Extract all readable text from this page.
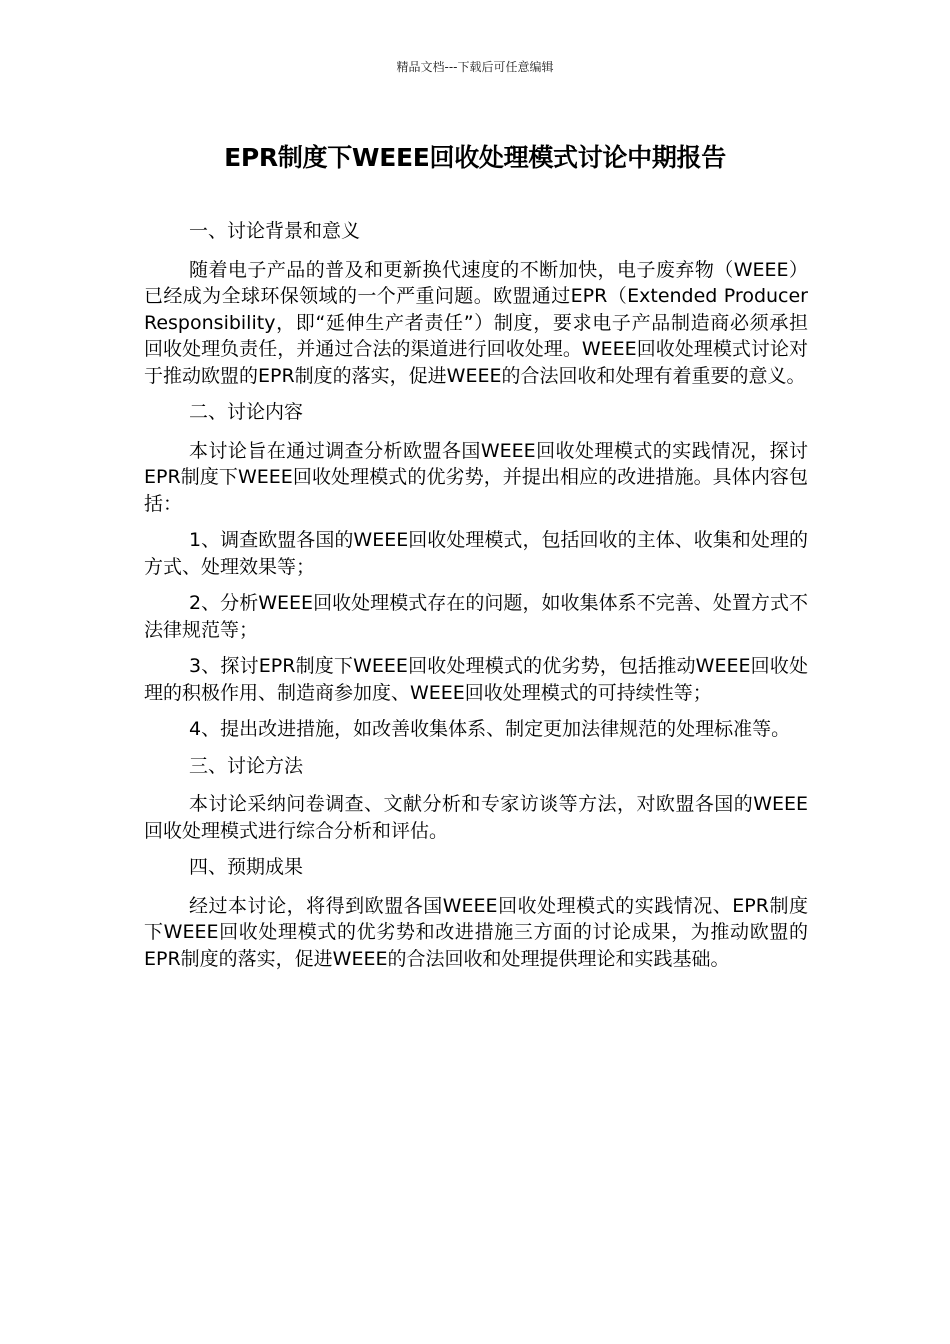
精品文档---下载后可任意编辑
EPR制度下WEEE回收处理模式讨论中期报告

一、讨论背景和意义

随着电子产品的普及和更新换代速度的不断加快，电子废弃物（WEEE）已经成为全球环保领域的一个严重问题。欧盟通过EPR（Extended Producer Responsibility，即“延伸生产者责任”）制度，要求电子产品制造商必须承担回收处理负责任，并通过合法的渠道进行回收处理。WEEE回收处理模式讨论对于推动欧盟的EPR制度的落实，促进WEEE的合法回收和处理有着重要的意义。

二、讨论内容

本讨论旨在通过调查分析欧盟各国WEEE回收处理模式的实践情况，探讨EPR制度下WEEE回收处理模式的优劣势，并提出相应的改进措施。具体内容包括：

1、调查欧盟各国的WEEE回收处理模式，包括回收的主体、收集和处理的方式、处理效果等；

2、分析WEEE回收处理模式存在的问题，如收集体系不完善、处置方式不法律规范等；

3、探讨EPR制度下WEEE回收处理模式的优劣势，包括推动WEEE回收处理的积极作用、制造商参加度、WEEE回收处理模式的可持续性等；

4、提出改进措施，如改善收集体系、制定更加法律规范的处理标准等。

三、讨论方法

本讨论采纳问卷调查、文献分析和专家访谈等方法，对欧盟各国的WEEE回收处理模式进行综合分析和评估。

四、预期成果

经过本讨论，将得到欧盟各国WEEE回收处理模式的实践情况、EPR制度下WEEE回收处理模式的优劣势和改进措施三方面的讨论成果，为推动欧盟的EPR制度的落实，促进WEEE的合法回收和处理提供理论和实践基础。
